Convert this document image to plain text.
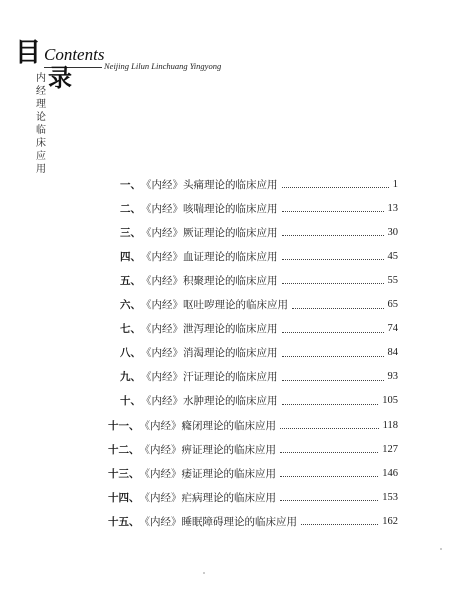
目 Contents
Neijing Lilun Linchuang Yingyong
录
内经理论临床应用
一、 《内经》头痛理论的临床应用	1
二、 《内经》咳喘理论的临床应用	13
三、 《内经》厥证理论的临床应用	30
四、 《内经》血证理论的临床应用	45
五、 《内经》积聚理论的临床应用	55
六、 《内经》呕吐哕理论的临床应用	65
七、 《内经》泄泻理论的临床应用	74
八、 《内经》消渴理论的临床应用	84
九、 《内经》汗证理论的临床应用	93
十、 《内经》水肿理论的临床应用	105
十一、 《内经》癃闭理论的临床应用	118
十二、 《内经》痹证理论的临床应用	127
十三、 《内经》痿证理论的临床应用	146
十四、 《内经》疟病理论的临床应用	153
十五、 《内经》睡眠障碍理论的临床应用	162
